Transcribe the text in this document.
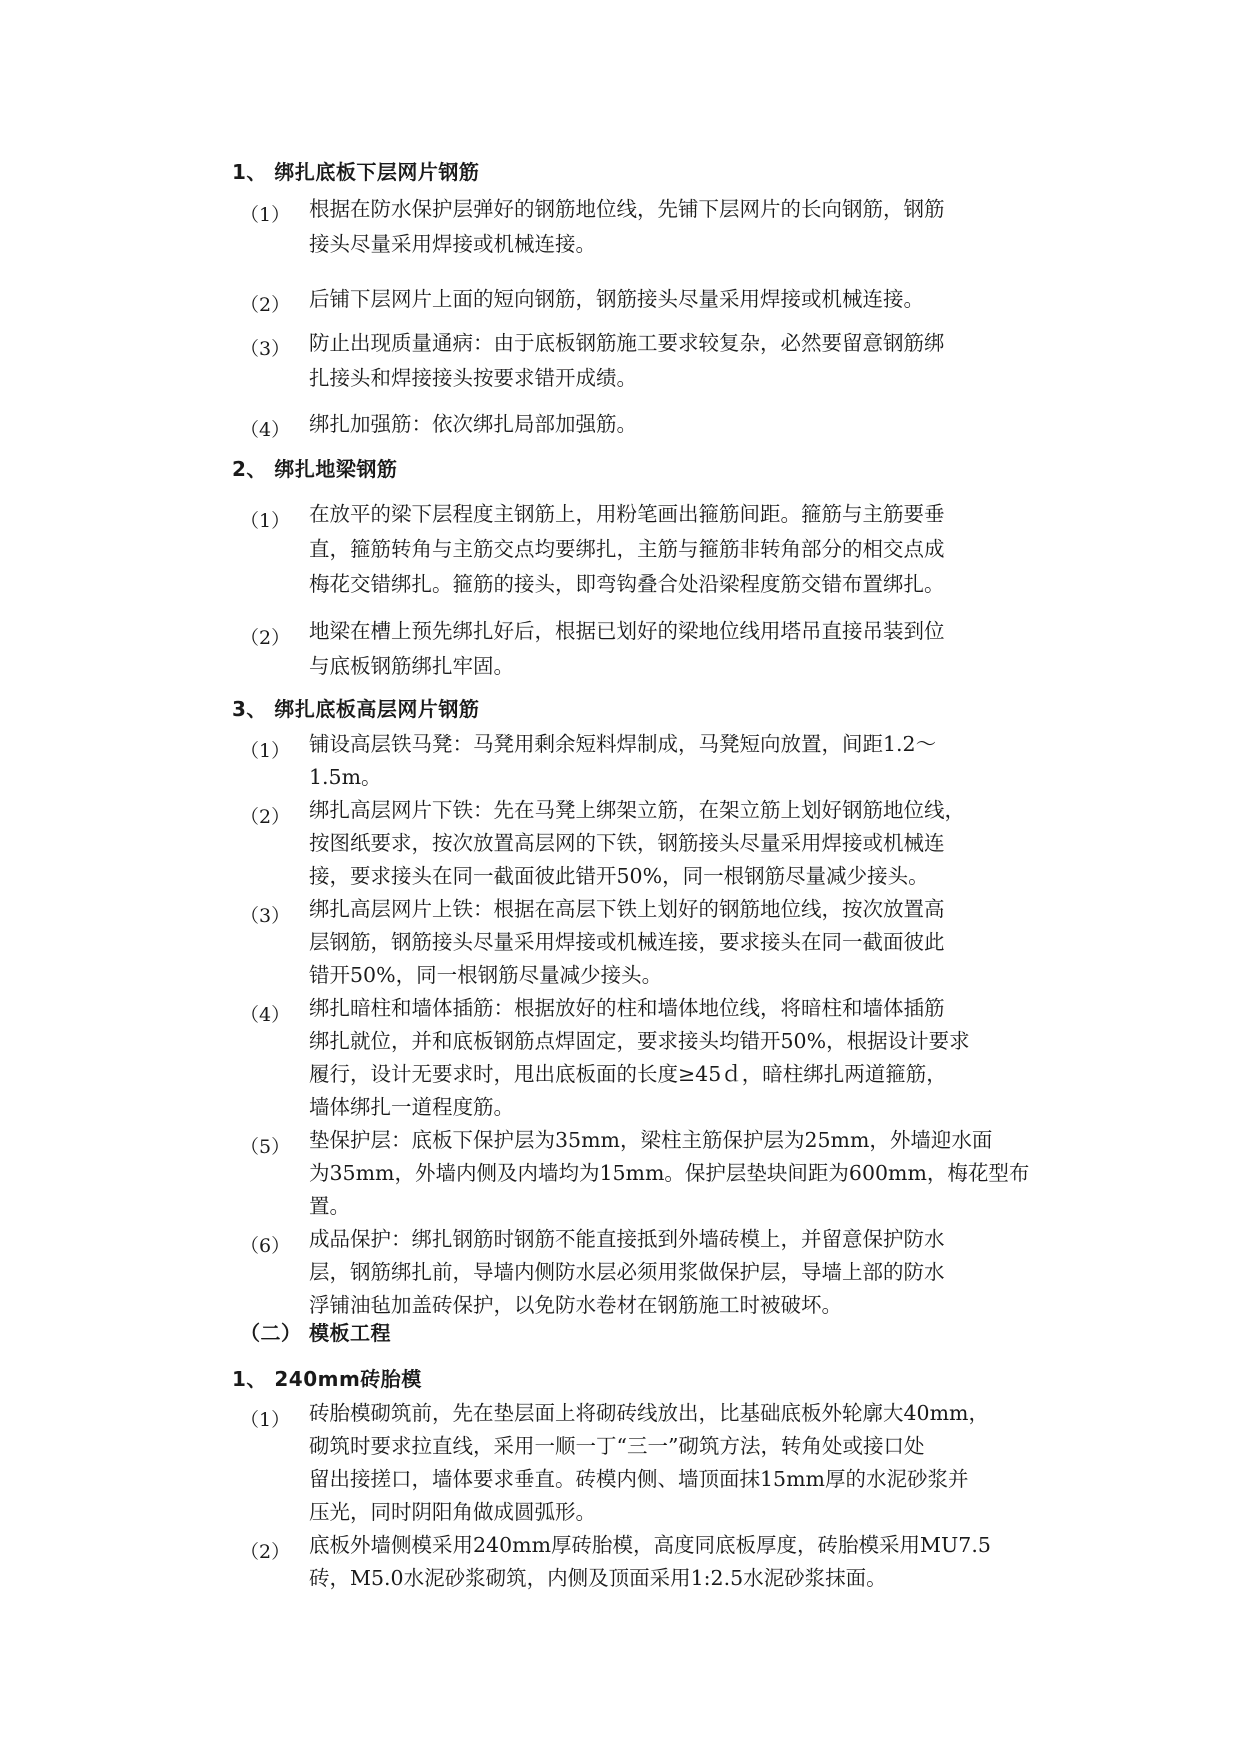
1、 绑扎底板下层网片钢筋
（1） 根据在防水保护层弹好的钢筋地位线，先铺下层网片的长向钢筋，钢筋
接头尽量采用焊接或机械连接。
（2） 后铺下层网片上面的短向钢筋，钢筋接头尽量采用焊接或机械连接。
（3） 防止出现质量通病：由于底板钢筋施工要求较复杂，必然要留意钢筋绑
扎接头和焊接接头按要求错开成绩。
（4） 绑扎加强筋：依次绑扎局部加强筋。
2、 绑扎地梁钢筋
（1） 在放平的梁下层程度主钢筋上，用粉笔画出箍筋间距。箍筋与主筋要垂
直，箍筋转角与主筋交点均要绑扎，主筋与箍筋非转角部分的相交点成
梅花交错绑扎。箍筋的接头，即弯钩叠合处沿梁程度筋交错布置绑扎。
（2） 地梁在槽上预先绑扎好后，根据已划好的梁地位线用塔吊直接吊装到位
与底板钢筋绑扎牢固。
3、 绑扎底板高层网片钢筋
（1） 铺设高层铁马凳：马凳用剩余短料焊制成，马凳短向放置，间距1.2～
1.5m。
（2） 绑扎高层网片下铁：先在马凳上绑架立筋，在架立筋上划好钢筋地位线，
按图纸要求，按次放置高层网的下铁，钢筋接头尽量采用焊接或机械连
接，要求接头在同一截面彼此错开50%，同一根钢筋尽量减少接头。
（3） 绑扎高层网片上铁：根据在高层下铁上划好的钢筋地位线，按次放置高
层钢筋，钢筋接头尽量采用焊接或机械连接，要求接头在同一截面彼此
错开50%，同一根钢筋尽量减少接头。
（4） 绑扎暗柱和墙体插筋：根据放好的柱和墙体地位线，将暗柱和墙体插筋
绑扎就位，并和底板钢筋点焊固定，要求接头均错开50%，根据设计要求
履行，设计无要求时，甩出底板面的长度≥45ｄ，暗柱绑扎两道箍筋，
墙体绑扎一道程度筋。
（5） 垫保护层：底板下保护层为35mm，梁柱主筋保护层为25mm，外墙迎水面
为35mm，外墙内侧及内墙均为15mm。保护层垫块间距为600mm，梅花型布
置。
（6） 成品保护：绑扎钢筋时钢筋不能直接抵到外墙砖模上，并留意保护防水
层，钢筋绑扎前，导墙内侧防水层必须用浆做保护层，导墙上部的防水
浮铺油毡加盖砖保护，以免防水卷材在钢筋施工时被破坏。
（二） 模板工程
1、 240mm砖胎模
（1） 砖胎模砌筑前，先在垫层面上将砌砖线放出，比基础底板外轮廓大40mm，
砌筑时要求拉直线，采用一顺一丁“三一”砌筑方法，转角处或接口处
留出接搓口，墙体要求垂直。砖模内侧、墙顶面抹15mm厚的水泥砂浆并
压光，同时阴阳角做成圆弧形。
（2） 底板外墙侧模采用240mm厚砖胎模，高度同底板厚度，砖胎模采用MU7.5
砖，M5.0水泥砂浆砌筑，内侧及顶面采用1:2.5水泥砂浆抹面。
